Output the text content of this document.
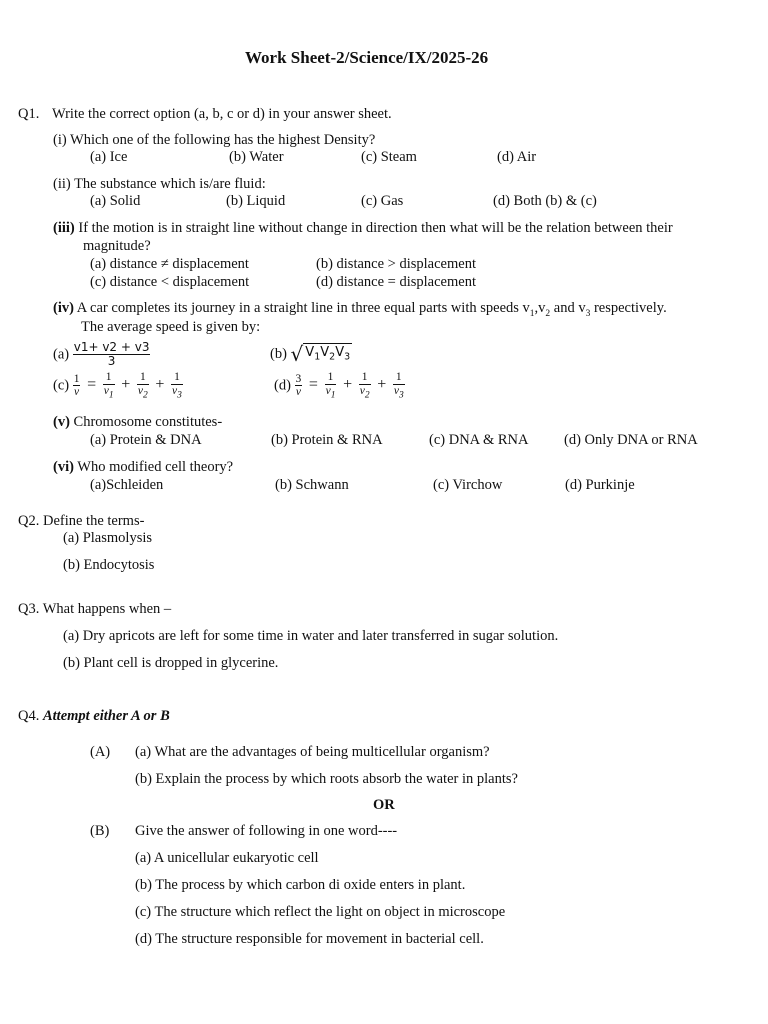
Work Sheet-2/Science/IX/2025-26
Q1. Write the correct option (a, b, c or d) in your answer sheet.
(i) Which one of the following has the highest Density?
(a) Ice	(b) Water	(c) Steam	(d) Air
(ii) The substance which is/are fluid:
(a) Solid	(b) Liquid	(c) Gas	(d) Both (b) & (c)
(iii) If the motion is in straight line without change in direction then what will be the relation between their
magnitude?
(a) distance ≠ displacement	(b) distance > displacement
(c) distance < displacement	(d) distance = displacement
(iv) A car completes its journey in a straight line in three equal parts with speeds $v_1,v_2$ and $v_3$ respectively.
The average speed is given by:
$(a) \frac{v1+ v2 + v3}{3}$	(b) √ $V_1V_2V_3$
$(c) \frac{1}{v} = \frac{1}{v_1} + \frac{1}{v_2} + \frac{1}{v_3}$	$(d) \frac{3}{v} = \frac{1}{v_1} + \frac{1}{v_2} + \frac{1}{v_3}$
(v) Chromosome constitutes-
(a) Protein & DNA	(b) Protein & RNA	(c) DNA & RNA (d) Only DNA or RNA
(vi) Who modified cell theory?
(a)Schleiden	(b) Schwann	(c) Virchow	(d) Purkinje
Q2. Define the terms-
(a) Plasmolysis
(b) Endocytosis
Q3. What happens when –
(a) Dry apricots are left for some time in water and later transferred in sugar solution.
(b) Plant cell is dropped in glycerine.
Q4. Attempt either A or B
(A) (a) What are the advantages of being multicellular organism?
(b) Explain the process by which roots absorb the water in plants?
OR
(B) Give the answer of following in one word----
(a) A unicellular eukaryotic cell
(b) The process by which carbon di oxide enters in plant.
(c) The structure which reflect the light on object in microscope
(d) The structure responsible for movement in bacterial cell.
